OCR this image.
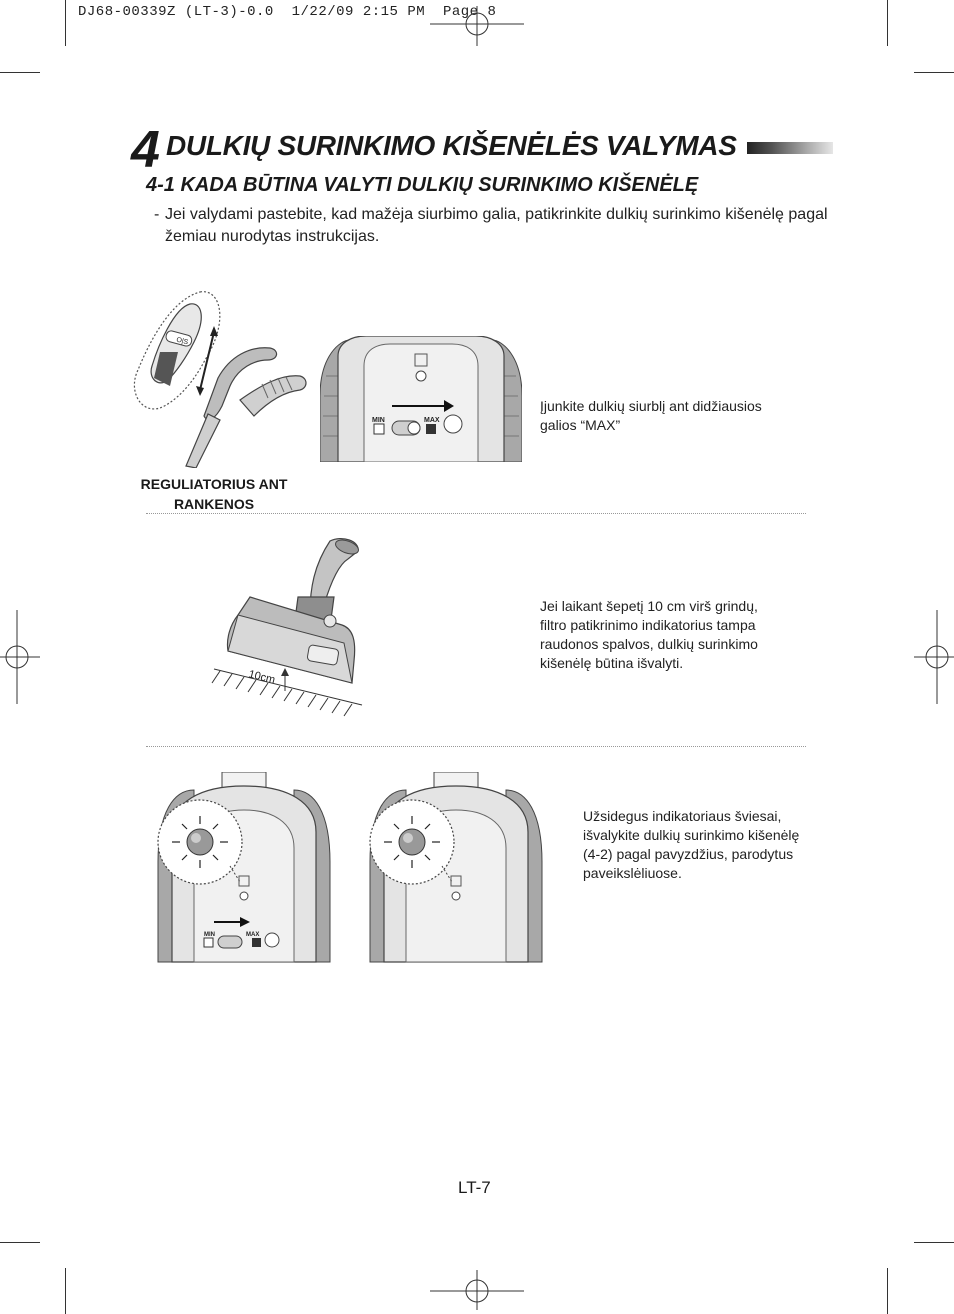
DJ68-00339Z (LT-3)-0.0  1/22/09 2:15 PM  Page 8
4 DULKIŲ SURINKIMO KIŠENĖLĖS VALYMAS
4-1 KADA BŪTINA VALYTI DULKIŲ SURINKIMO KIŠENĖLĘ
- Jei valydami pastebite, kad mažėja siurbimo galia, patikrinkite dulkių surinkimo kišenėlę pagal žemiau nurodytas instrukcijas.
O|S
MIN	MAX
REGULIATORIUS ANT RANKENOS
Įjunkite dulkių siurblį ant didžiausios galios “MAX”
10cm
Jei laikant šepetį 10 cm virš grindų, filtro patikrinimo indikatorius tampa raudonos spalvos, dulkių surinkimo kišenėlę būtina išvalyti.
MIN	MAX
Užsidegus indikatoriaus šviesai, išvalykite dulkių surinkimo kišenėlę (4-2) pagal pavyzdžius, parodytus paveikslėliuose.
LT-7
